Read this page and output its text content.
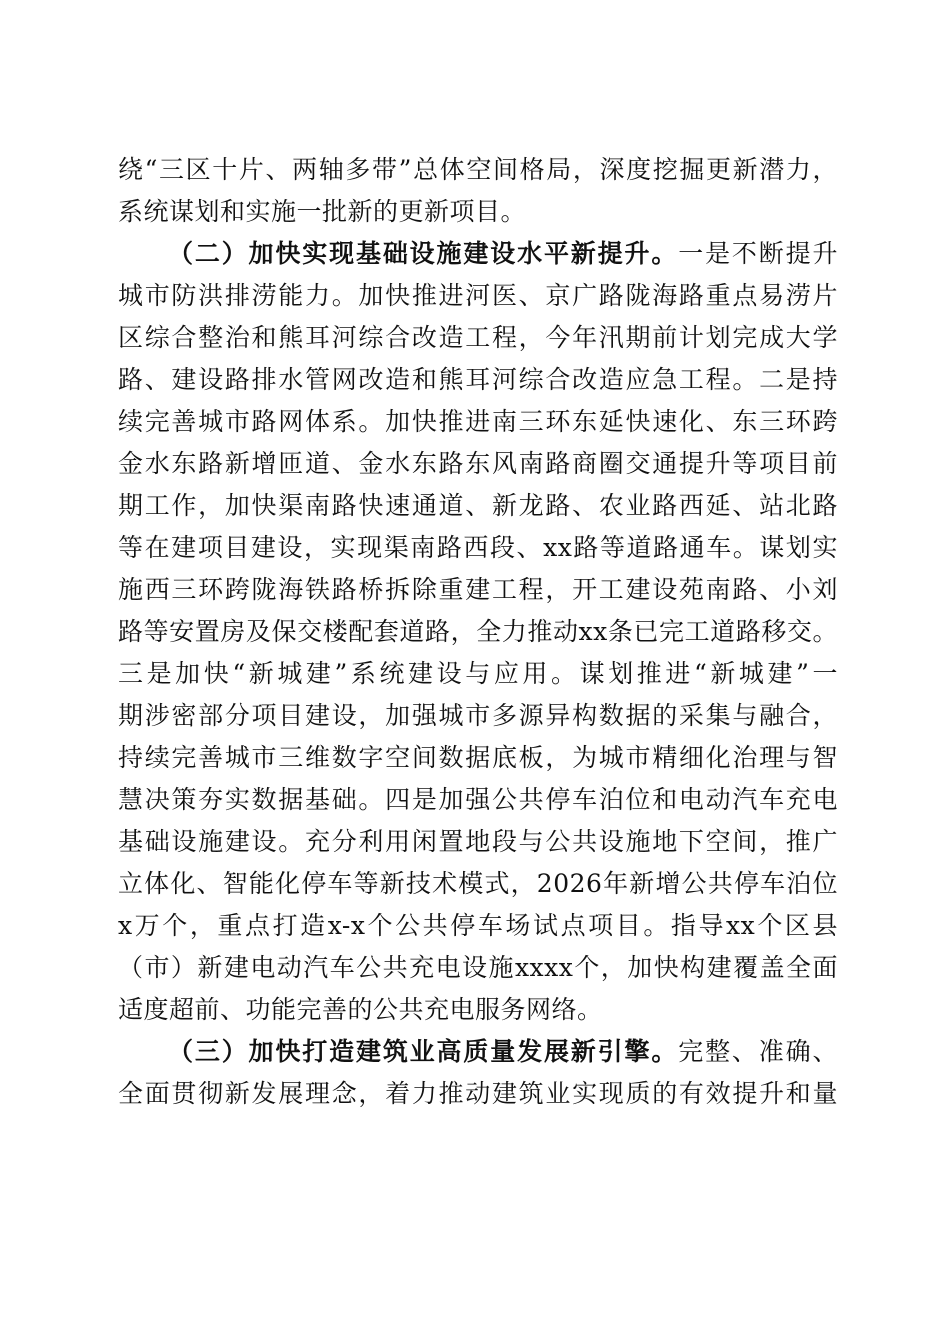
绕“三区十片、两轴多带”总体空间格局，深度挖掘更新潜力，
系统谋划和实施一批新的更新项目。
（二）加快实现基础设施建设水平新提升。一是不断提升
城市防洪排涝能力。加快推进河医、京广路陇海路重点易涝片
区综合整治和熊耳河综合改造工程，今年汛期前计划完成大学
路、建设路排水管网改造和熊耳河综合改造应急工程。二是持
续完善城市路网体系。加快推进南三环东延快速化、东三环跨
金水东路新增匝道、金水东路东风南路商圈交通提升等项目前
期工作，加快渠南路快速通道、新龙路、农业路西延、站北路
等在建项目建设，实现渠南路西段、xx路等道路通车。谋划实
施西三环跨陇海铁路桥拆除重建工程，开工建设苑南路、小刘
路等安置房及保交楼配套道路，全力推动xx条已完工道路移交。
三是加快“新城建”系统建设与应用。谋划推进“新城建”一
期涉密部分项目建设，加强城市多源异构数据的采集与融合，
持续完善城市三维数字空间数据底板，为城市精细化治理与智
慧决策夯实数据基础。四是加强公共停车泊位和电动汽车充电
基础设施建设。充分利用闲置地段与公共设施地下空间，推广
立体化、智能化停车等新技术模式，2026年新增公共停车泊位
x万个，重点打造x-x个公共停车场试点项目。指导xx个区县
（市）新建电动汽车公共充电设施xxxx个，加快构建覆盖全面
适度超前、功能完善的公共充电服务网络。
（三）加快打造建筑业高质量发展新引擎。完整、准确、
全面贯彻新发展理念，着力推动建筑业实现质的有效提升和量
